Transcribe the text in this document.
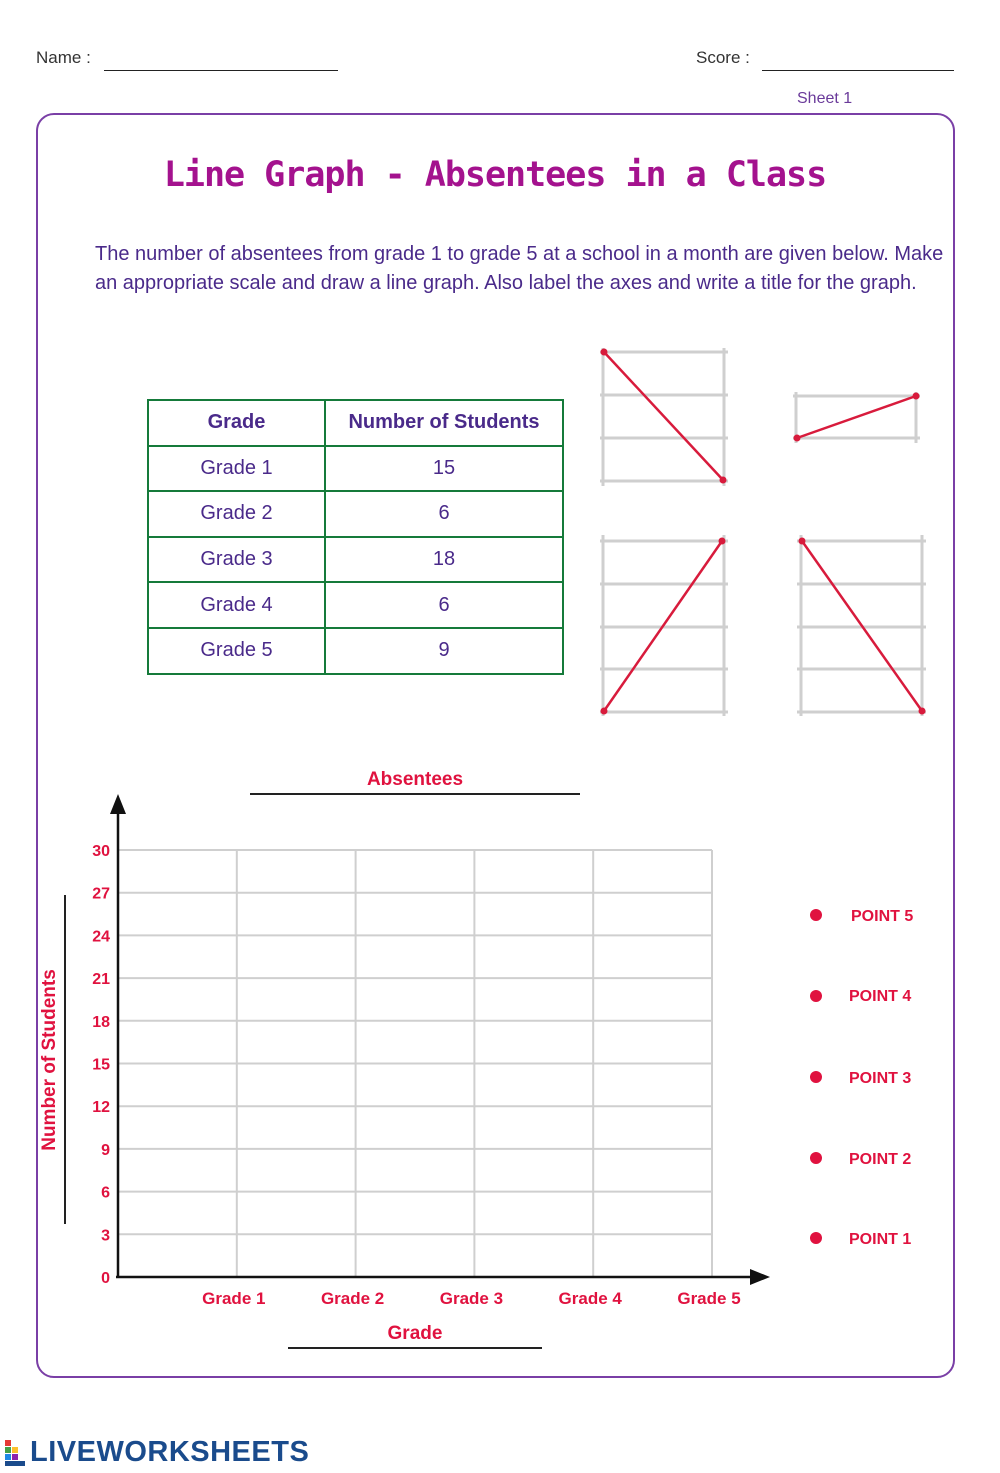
Name :	Score :
Sheet 1
Line Graph - Absentees in a Class
The number of absentees from grade 1 to grade 5 at a school in a month are given below. Make an appropriate scale and draw a line graph. Also label the axes and write a title for the graph.
Grade	Number of Students
Grade 1	15
Grade 2	6
Grade 3	18
Grade 4	6
Grade 5	9
Absentees
0
3
6
9
12
15
18
21
24
27
30
Grade 1	Grade 2	Grade 3	Grade 4	Grade 5
Number of Students
Grade
POINT 5
POINT 4
POINT 3
POINT 2
POINT 1
LIVEWORKSHEETS
